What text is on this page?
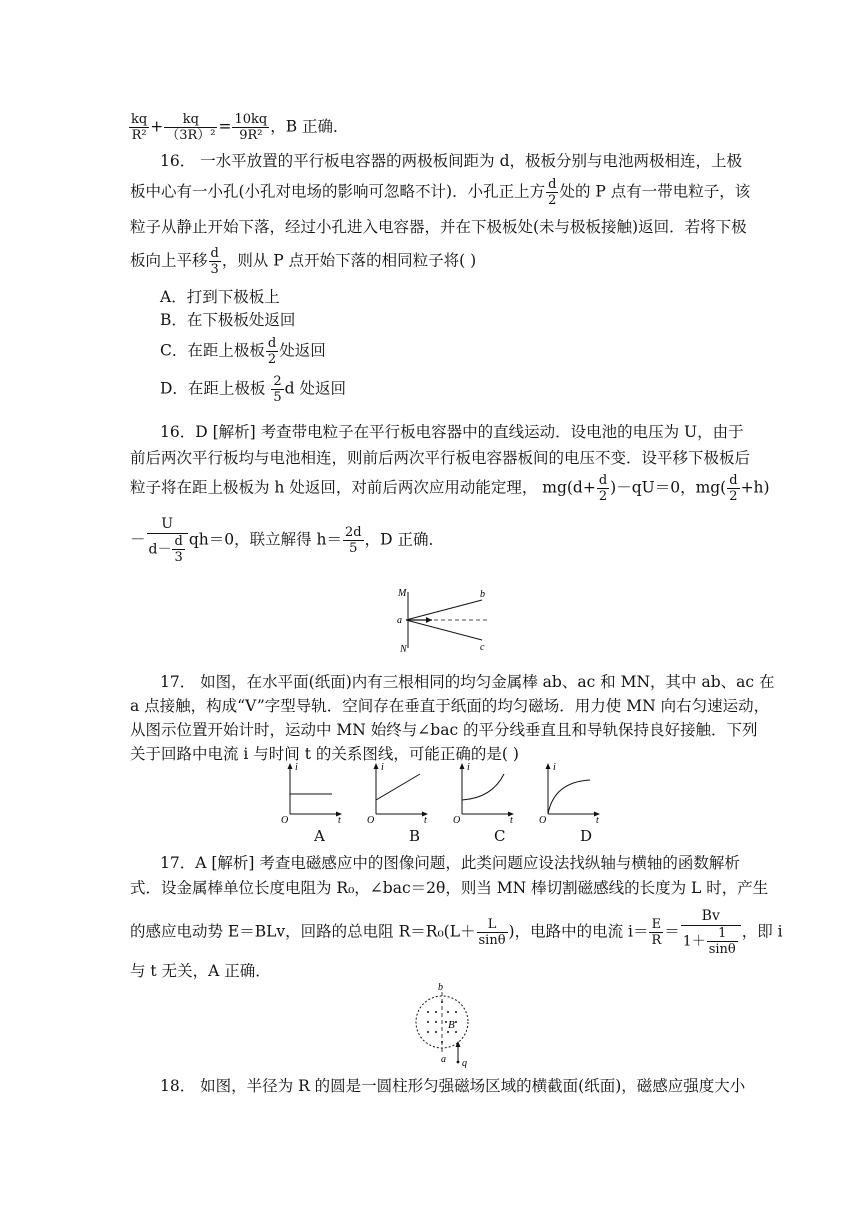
$\frac{kq}{\text{R²}} + \frac{kq}{\text{（3R）²}} = \frac{10kq}{\text{9R²}}$ ，B 正确．
16． 一水平放置的平行板电容器的两极板间距为 d，极板分别与电池两极相连，上极
板中心有一小孔(小孔对电场的影响可忽略不计)．小孔正上方 $\frac{d}{2}$ 处的 P 点有一带电粒子，该
粒子从静止开始下落，经过小孔进入电容器，并在下极板处(未与极板接触)返回．若将下极
板向上平移 $\frac{d}{3}$ ，则从 P 点开始下落的相同粒子将( )
A．打到下极板上
B．在下极板处返回
C．在距上极板 $\frac{d}{2}$ 处返回
D．在距上极板 $\frac{2}{5}$ d 处返回
16．D [解析] 考查带电粒子在平行板电容器中的直线运动．设电池的电压为 U，由于
前后两次平行板均与电池相连，则前后两次平行板电容器板间的电压不变．设平移下极板后
粒子将在距上极板为 h 处返回，对前后两次应用动能定理， $mg(d+ \frac{d}{2} )-qU=0$，$mg( \frac{d}{2} +h)$
－ $\frac{U}{d- \frac{d}{3}} qh=0$，联立解得 $h= \frac{2d}{5}$ ，D 正确．
M
N
a
b
c
17． 如图，在水平面(纸面)内有三根相同的均匀金属棒 ab、ac 和 MN，其中 ab、ac 在
a 点接触，构成“V”字型导轨．空间存在垂直于纸面的均匀磁场．用力使 MN 向右匀速运动，
从图示位置开始计时，运动中 MN 始终与∠bac 的平分线垂直且和导轨保持良好接触．下列
关于回路中电流 i 与时间 t 的关系图线，可能正确的是( )
i
t
O
i
t
O
i
t
O
i
t
O
A	B	C	D
17．A [解析] 考查电磁感应中的图像问题，此类问题应设法找纵轴与横轴的函数解析
式．设金属棒单位长度电阻为 R₀，∠bac＝2θ，则当 MN 棒切割磁感线的长度为 L 时，产生
的感应电动势 E＝BLv，回路的总电阻 $R=R_0(L+ \frac{L}{\sin\theta}$ )，电路中的电流 $i= \frac{E}{R} = \frac{Bv}{1+ \frac{1}{\sin\theta}}$ ，即 i
与 t 无关，A 正确．
b
B
a q
18． 如图，半径为 R 的圆是一圆柱形匀强磁场区域的横截面(纸面)，磁感应强度大小
